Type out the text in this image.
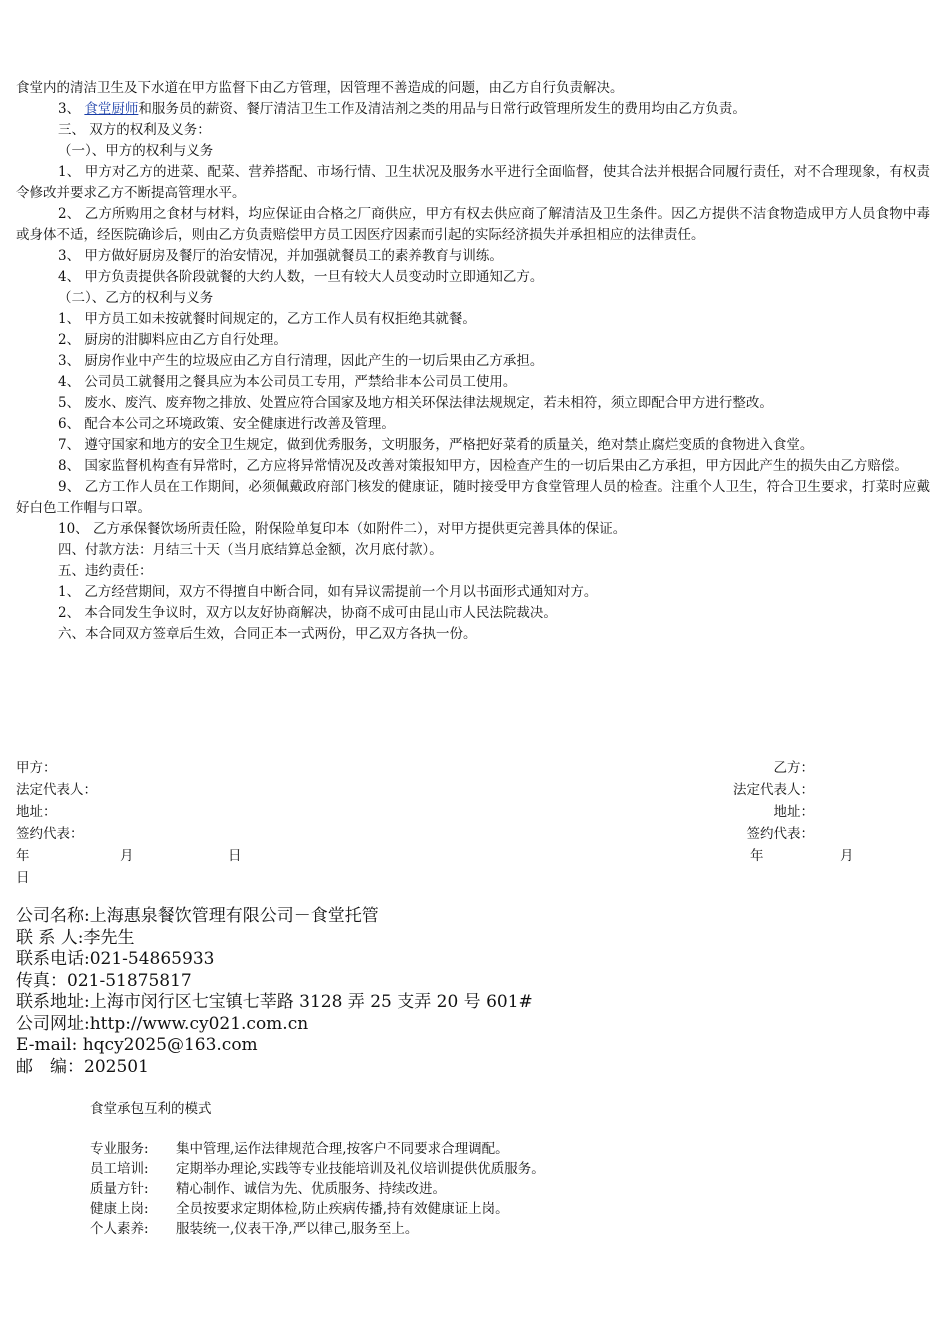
食堂内的清洁卫生及下水道在甲方监督下由乙方管理，因管理不善造成的问题，由乙方自行负责解决。

3、 食堂厨师和服务员的薪资、餐厅清洁卫生工作及清洁剂之类的用品与日常行政管理所发生的费用均由乙方负责。

三、 双方的权利及义务：

（一）、甲方的权利与义务

1、 甲方对乙方的进菜、配菜、营养搭配、市场行情、卫生状况及服务水平进行全面临督，使其合法并根据合同履行责任，对不合理现象，有权责令修改并要求乙方不断提高管理水平。

2、 乙方所购用之食材与材料，均应保证由合格之厂商供应，甲方有权去供应商了解清洁及卫生条件。因乙方提供不洁食物造成甲方人员食物中毒或身体不适，经医院确诊后，则由乙方负责赔偿甲方员工因医疗因素而引起的实际经济损失并承担相应的法律责任。

3、 甲方做好厨房及餐厅的治安情况，并加强就餐员工的素养教育与训练。

4、 甲方负责提供各阶段就餐的大约人数，一旦有较大人员变动时立即通知乙方。

（二）、乙方的权利与义务

1、 甲方员工如未按就餐时间规定的，乙方工作人员有权拒绝其就餐。

2、 厨房的泔脚料应由乙方自行处理。

3、 厨房作业中产生的垃圾应由乙方自行清理，因此产生的一切后果由乙方承担。

4、 公司员工就餐用之餐具应为本公司员工专用，严禁给非本公司员工使用。

5、 废水、废汽、废弃物之排放、处置应符合国家及地方相关环保法律法规规定，若未相符，须立即配合甲方进行整改。

6、 配合本公司之环境政策、安全健康进行改善及管理。

7、 遵守国家和地方的安全卫生规定，做到优秀服务，文明服务，严格把好菜肴的质量关，绝对禁止腐烂变质的食物进入食堂。

8、 国家监督机构查有异常时，乙方应将异常情况及改善对策报知甲方，因检查产生的一切后果由乙方承担，甲方因此产生的损失由乙方赔偿。

9、 乙方工作人员在工作期间，必须佩戴政府部门核发的健康证，随时接受甲方食堂管理人员的检查。注重个人卫生，符合卫生要求，打菜时应戴好白色工作帽与口罩。

10、 乙方承保餐饮场所责任险，附保险单复印本（如附件二），对甲方提供更完善具体的保证。

四、付款方法：月结三十天（当月底结算总金额，次月底付款）。

五、违约责任：

1、 乙方经营期间，双方不得擅自中断合同，如有异议需提前一个月以书面形式通知对方。

2、 本合同发生争议时，双方以友好协商解决，协商不成可由昆山市人民法院裁决。

六、本合同双方签章后生效，合同正本一式两份，甲乙双方各执一份。

甲方：	乙方：
法定代表人：	法定代表人：
地址：	地址：
签约代表：	签约代表：
年	月	日	年	月
日
公司名称:上海惠泉餐饮管理有限公司－食堂托管
联 系 人:李先生
联系电话:021-54865933
传真：021-51875817
联系地址:上海市闵行区七宝镇七莘路 3128 弄 25 支弄 20 号 601#
公司网址:http://www.cy021.com.cn
E-mail: hqcy2025@163.com
邮　编：202501
食堂承包互利的模式
专业服务:	集中管理,运作法律规范合理,按客户不同要求合理调配。
员工培训:	定期举办理论,实践等专业技能培训及礼仪培训提供优质服务。
质量方针:	精心制作、诚信为先、优质服务、持续改进。
健康上岗:	全员按要求定期体检,防止疾病传播,持有效健康证上岗。
个人素养:	服装统一,仪表干净,严以律己,服务至上。
